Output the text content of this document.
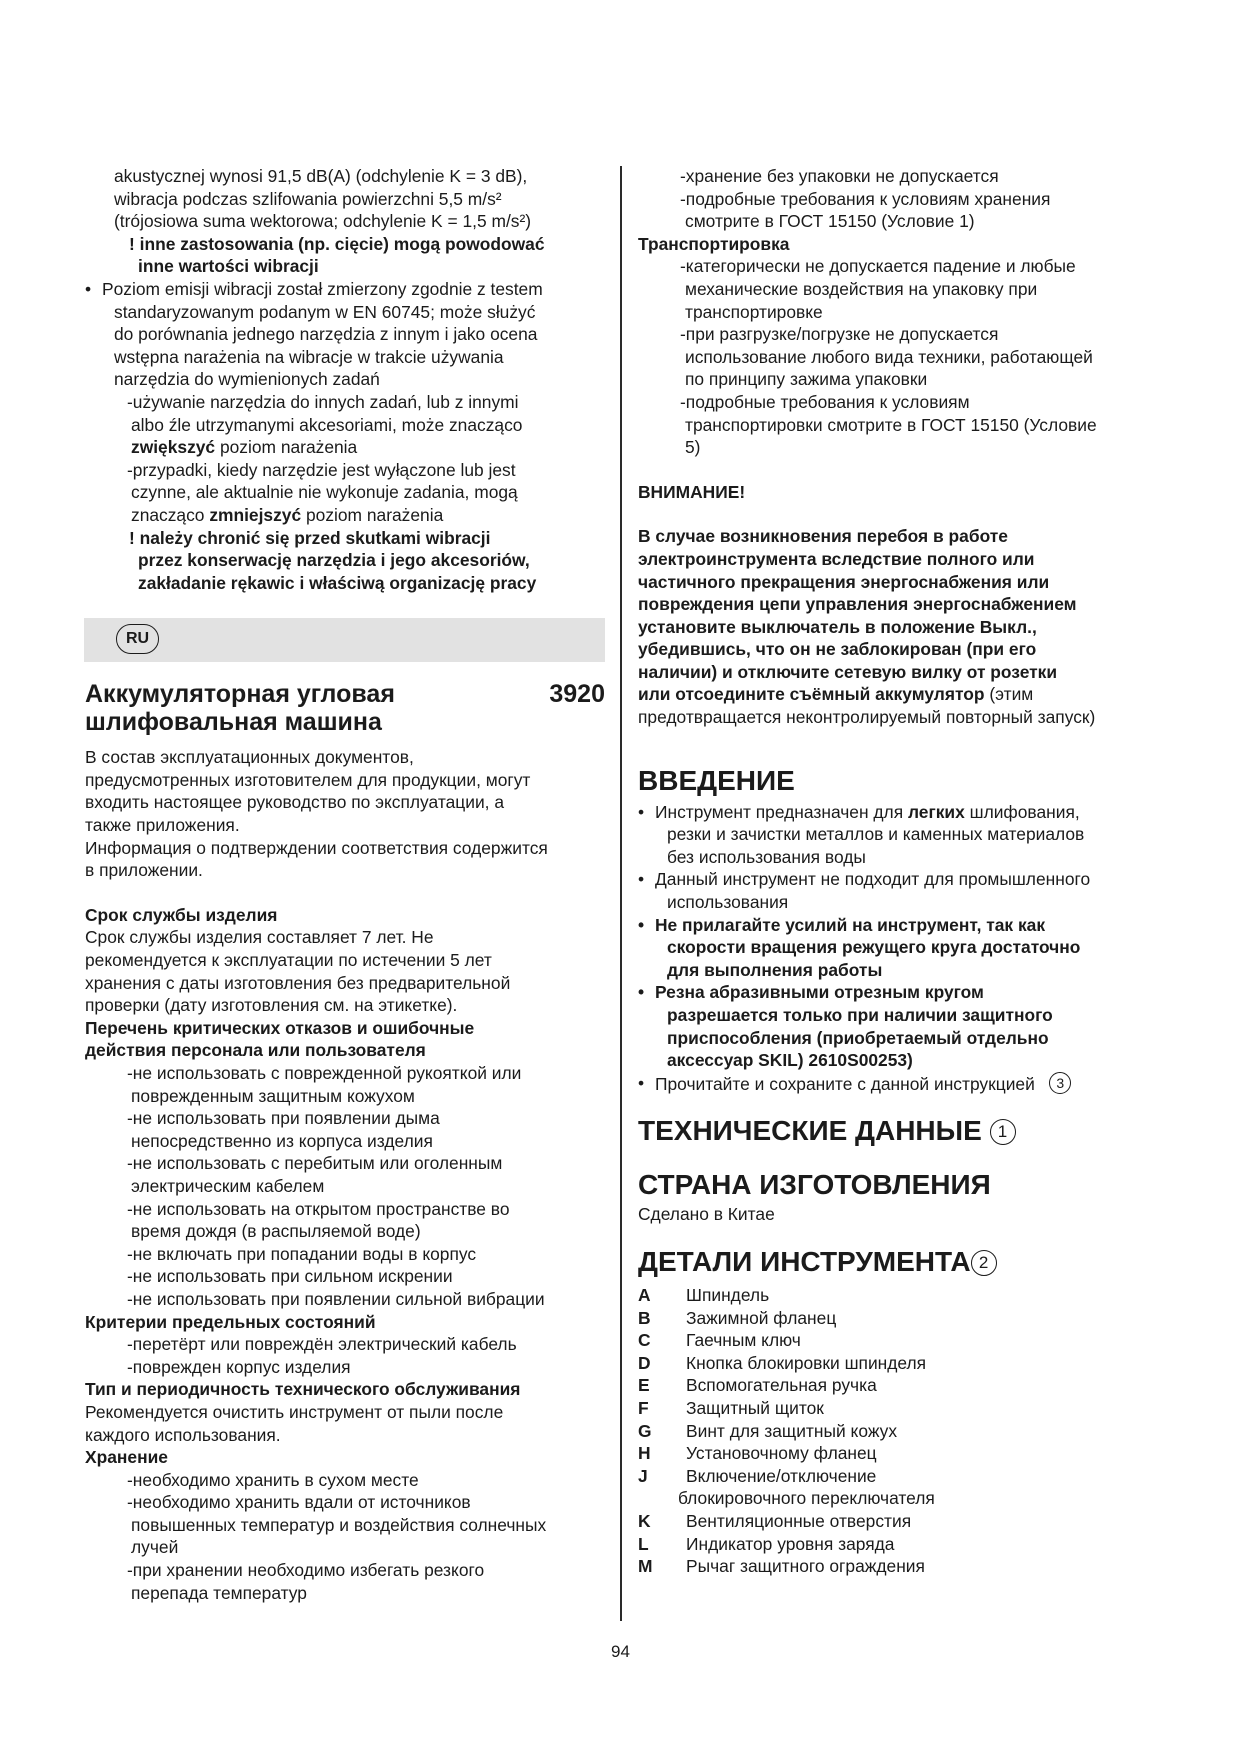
akustycznej wynosi 91,5 dB(A) (odchylenie K = 3 dB),

wibracja podczas szlifowania powierzchni 5,5 m/s²

(trójosiowa suma wektorowa; odchylenie K = 1,5 m/s²)

! inne zastosowania (np. cięcie) mogą powodować

inne wartości wibracji

• Poziom emisji wibracji został zmierzony zgodnie z testem

standaryzowanym podanym w EN 60745; może służyć

do porównania jednego narzędzia z innym i jako ocena

wstępna narażenia na wibracje w trakcie używania

narzędzia do wymienionych zadań

-używanie narzędzia do innych zadań, lub z innymi

albo źle utrzymanymi akcesoriami, może znacząco

zwiększyć poziom narażenia

-przypadki, kiedy narzędzie jest wyłączone lub jest

czynne, ale aktualnie nie wykonuje zadania, mogą

znacząco zmniejszyć poziom narażenia

! należy chronić się przed skutkami wibracji

przez konserwację narzędzia i jego akcesoriów,

zakładanie rękawic i właściwą organizację pracy

RU
Аккумуляторная угловая
шлифовальная машина
3920

В состав эксплуатационных документов,

предусмотренных изготовителем для продукции, могут

входить настоящее руководство по эксплуатации, а

также приложения.

Информация о подтверждении соответствия содержится

в приложении.

Срок службы изделия

Срок службы изделия составляет 7 лет. Не

рекомендуется к эксплуатации по истечении 5 лет

хранения с даты изготовления без предварительной

проверки (дату изготовления см. на этикетке).

Перечень критических отказов и ошибочные

действия персонала или пользователя

-не использовать с поврежденной рукояткой или

поврежденным защитным кожухом

-не использовать при появлении дыма

непосредственно из корпуса изделия

-не использовать с перебитым или оголенным

электрическим кабелем

-не использовать на открытом пространстве во

время дождя (в распыляемой воде)

-не включать при попадании воды в корпус

-не использовать при сильном искрении

-не использовать при появлении сильной вибрации

Критерии предельных состояний

-перетёрт или повреждён электрический кабель

-поврежден корпус изделия

Тип и периодичность технического обслуживания

Рекомендуется очистить инструмент от пыли после

каждого использования.

Хранение

-необходимо хранить в сухом месте

-необходимо хранить вдали от источников

повышенных температур и воздействия солнечных

лучей

-при хранении необходимо избегать резкого

перепада температур

-хранение без упаковки не допускается

-подробные требования к условиям хранения

смотрите в ГОСТ 15150 (Условие 1)

Транспортировка

-категорически не допускается падение и любые

механические воздействия на упаковку при

транспортировке

-при разгрузке/погрузке не допускается

использование любого вида техники, работающей

по принципу зажима упаковки

-подробные требования к условиям

транспортировки смотрите в ГОСТ 15150 (Условие

5)

ВНИМАНИЕ!

В случае возникновения перебоя в работе

электроинструмента вследствие полного или

частичного прекращения энергоснабжения или

повреждения цепи управления энергоснабжением

установите выключатель в положение Выкл.,

убедившись, что он не заблокирован (при его

наличии) и отключите сетевую вилку от розетки

или отсоедините съёмный аккумулятор (этим

предотвращается неконтролируемый повторный запуск)

ВВЕДЕНИЕ

• Инструмент предназначен для легких шлифования,

резки и зачистки металлов и каменных материалов

без использования воды

• Данный инструмент не подходит для промышленного

использования

• Не прилагайте усилий на инструмент, так как

скорости вращения режущего круга достаточно

для выполнения работы

• Резна абразивными отрезным кругом

разрешается только при наличии защитного

приспособления (приобретаемый отдельно

аксессуар SKIL) 2610S00253)

• Прочитайте и сохраните с данной инструкцией 3

ТЕХНИЧЕСКИЕ ДАННЫЕ 1
СТРАНА ИЗГОТОВЛЕНИЯ

Сделано в Китае

ДЕТАЛИ ИНСТРУМЕНТА 2
A	Шпиндель
B	Зажимной фланец
C	Гаечным ключ
D	Кнопка блокировки шпинделя
E	Вспомогательная ручка
F	Защитный щиток
G	Винт для защитный кожух
H	Установочному фланец
J	Включение/отключение
блокировочного переключателя
K	Вентиляционные отверстия
L	Индикатор уровня заряда
M	Рычаг защитного ограждения
94
